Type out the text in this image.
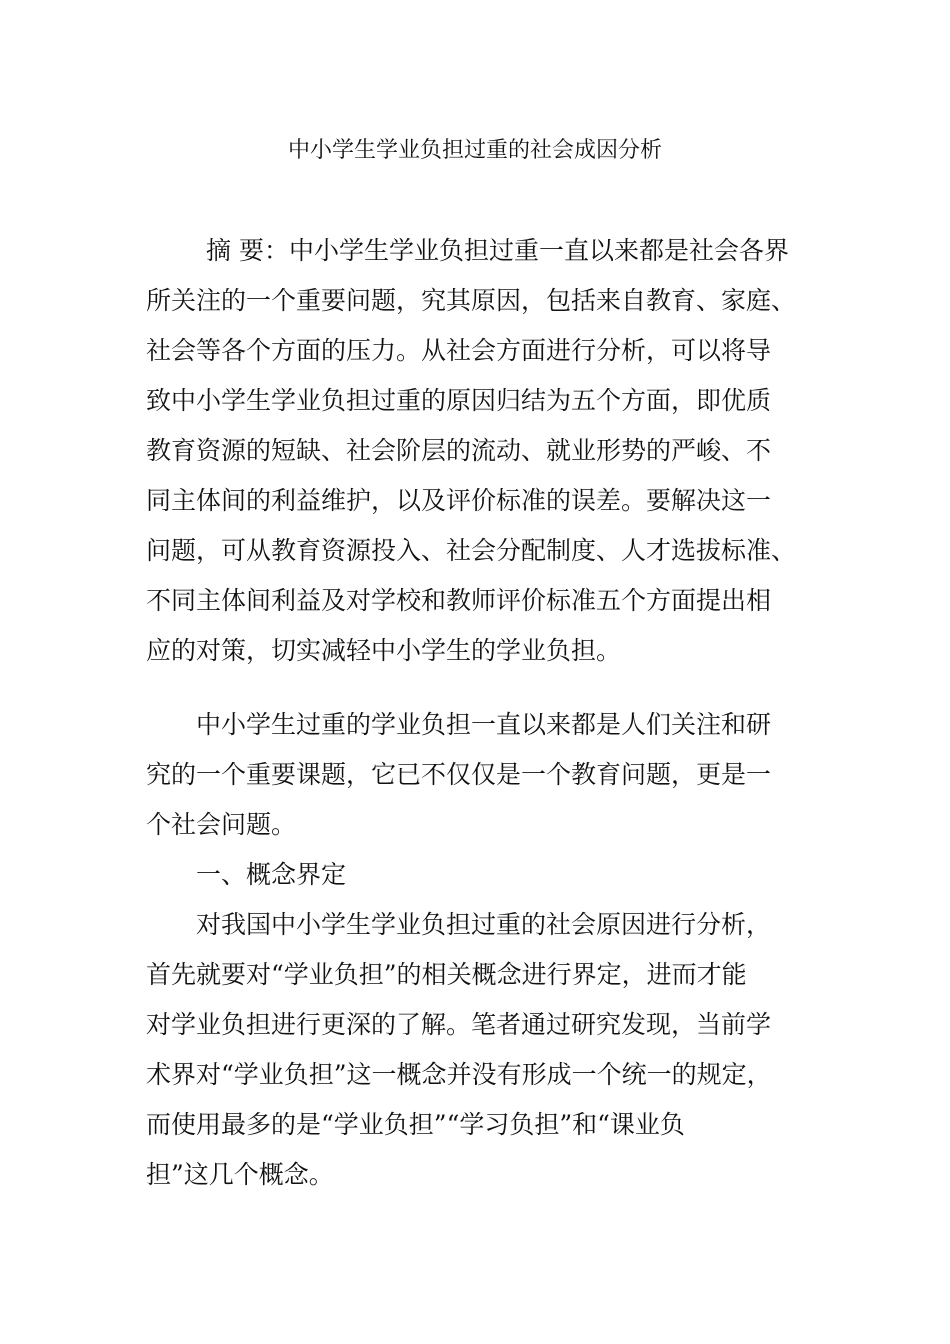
中小学生学业负担过重的社会成因分析
摘 要：中小学生学业负担过重一直以来都是社会各界
所关注的一个重要问题，究其原因，包括来自教育、家庭、
社会等各个方面的压力。从社会方面进行分析，可以将导
致中小学生学业负担过重的原因归结为五个方面，即优质
教育资源的短缺、社会阶层的流动、就业形势的严峻、不
同主体间的利益维护，以及评价标准的误差。要解决这一
问题，可从教育资源投入、社会分配制度、人才选拔标准、
不同主体间利益及对学校和教师评价标准五个方面提出相
应的对策，切实减轻中小学生的学业负担。
中小学生过重的学业负担一直以来都是人们关注和研
究的一个重要课题，它已不仅仅是一个教育问题，更是一
个社会问题。
一、概念界定
对我国中小学生学业负担过重的社会原因进行分析，
首先就要对“学业负担”的相关概念进行界定，进而才能
对学业负担进行更深的了解。笔者通过研究发现，当前学
术界对“学业负担”这一概念并没有形成一个统一的规定，
而使用最多的是“学业负担”“学习负担”和“课业负
担”这几个概念。
